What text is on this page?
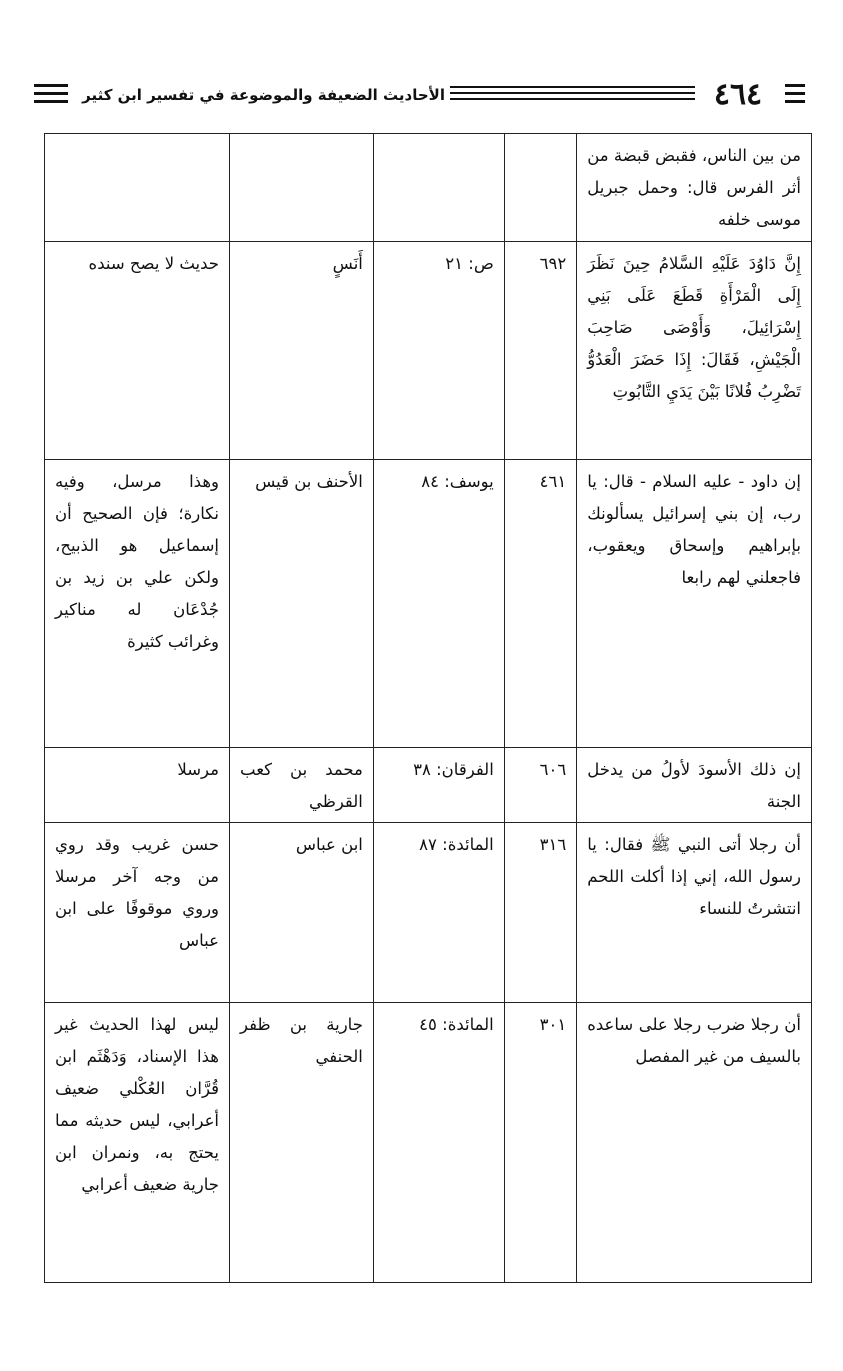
٤٦٤
الأحاديث الضعيفة والموضوعة في تفسير ابن كثير
من بين الناس، فقبض قبضة من أثر الفرس قال: وحمل جبريل موسى خلفه				
إِنَّ دَاوُدَ عَلَيْهِ السَّلامُ حِينَ نَظَرَ إِلَى الْمَرْأَةِ قَطَعَ عَلَى بَنِي إِسْرَائِيلَ، وَأَوْصَى صَاحِبَ الْجَيْشِ، فَقَالَ: إِذَا حَضَرَ الْعَدُوُّ تَضْرِبُ فُلانًا بَيْنَ يَدَيِ التَّابُوتِ	٦٩٢	ص: ٢١	أَنَسٍ	حديث لا يصح سنده
إن داود - عليه السلام - قال: يا رب، إن بني إسرائيل يسألونك بإبراهيم وإسحاق ويعقوب، فاجعلني لهم رابعا	٤٦١	يوسف: ٨٤	الأحنف بن قيس	وهذا مرسل، وفيه نكارة؛ فإن الصحيح أن إسماعيل هو الذبيح، ولكن علي بن زيد بن جُدْعَان له مناكير وغرائب كثيرة
إن ذلك الأسودَ لأولُ من يدخل الجنة	٦٠٦	الفرقان: ٣٨	محمد بن كعب القرظي	مرسلا
أن رجلا أتى النبي ﷺ فقال: يا رسول الله، إني إذا أكلت اللحم انتشرتُ للنساء	٣١٦	المائدة: ٨٧	ابن عباس	حسن غريب وقد روي من وجه آخر مرسلا وروي موقوفًا على ابن عباس
أن رجلا ضرب رجلا على ساعده بالسيف من غير المفصل	٣٠١	المائدة: ٤٥	جارية بن ظفر الحنفي	ليس لهذا الحديث غير هذا الإسناد، وَدَهْثَم ابن قُرَّان العُكْلي ضعيف أعرابي، ليس حديثه مما يحتج به، ونمران ابن جارية ضعيف أعرابي
